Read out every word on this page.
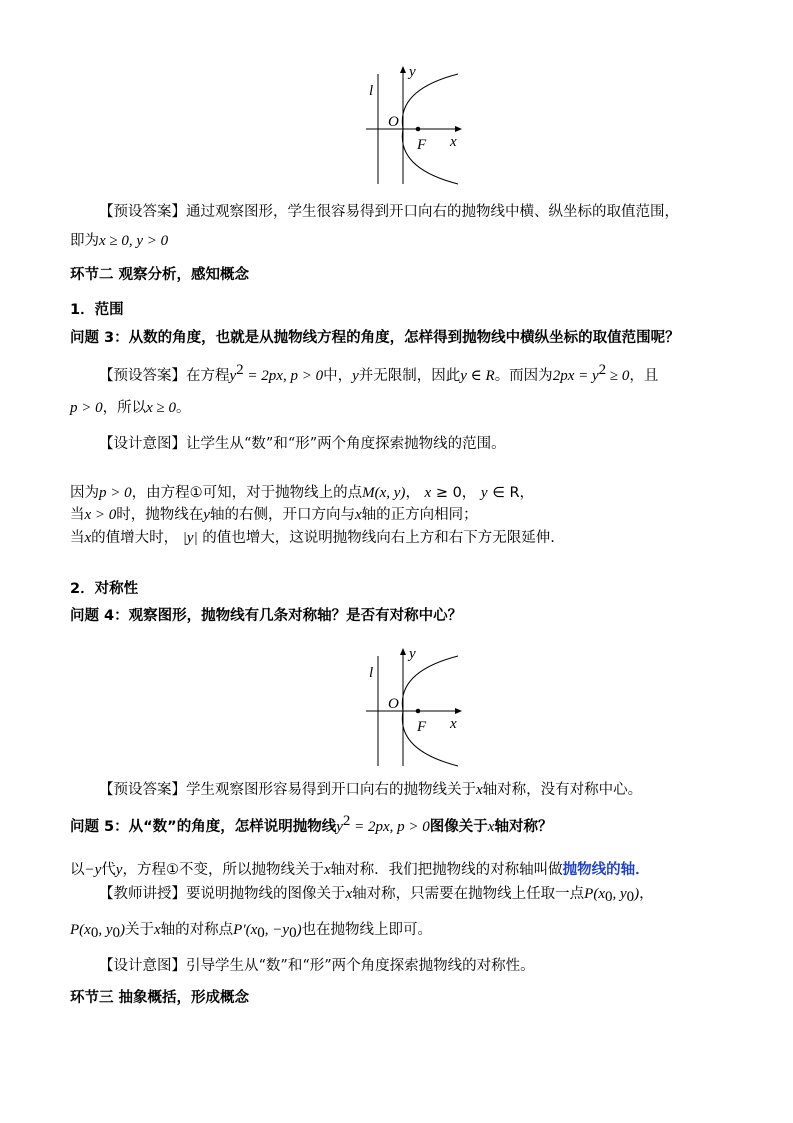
l
y
O
F x
【预设答案】通过观察图形，学生很容易得到开口向右的抛物线中横、纵坐标的取值范围，
即为x ≥ 0, y > 0
环节二 观察分析，感知概念
1．范围
问题 3：从数的角度，也就是从抛物线方程的角度，怎样得到抛物线中横纵坐标的取值范围呢？
【预设答案】在方程$y^2 = 2px$, p > 0中，y并无限制，因此y ∈ R。而因为$2px = y^2 \ge 0$，且
p > 0，所以x ≥ 0。
【设计意图】让学生从“数”和“形”两个角度探索抛物线的范围。
因为p > 0，由方程①可知，对于抛物线上的点M(x, y)， x ≥ 0， y ∈ R，
当x > 0时，抛物线在y轴的右侧，开口方向与x轴的正方向相同；
当x的值增大时， |y| 的值也增大，这说明抛物线向右上方和右下方无限延伸.
2．对称性
问题 4：观察图形，抛物线有几条对称轴？是否有对称中心？
l
y
O
F x
【预设答案】学生观察图形容易得到开口向右的抛物线关于x轴对称，没有对称中心。
问题 5：从“数”的角度，怎样说明抛物线$y^2 = 2px$, p > 0图像关于x轴对称？
以−y代y，方程①不变，所以抛物线关于x轴对称．我们把抛物线的对称轴叫做抛物线的轴．
【教师讲授】要说明抛物线的图像关于x轴对称，只需要在抛物线上任取一点$P(x_0$, $y_0$)，
$P(x_0$, $y_0$)关于x轴的对称点$P'(x_0$, $-y_0$)也在抛物线上即可。
【设计意图】引导学生从“数”和“形”两个角度探索抛物线的对称性。
环节三 抽象概括，形成概念
